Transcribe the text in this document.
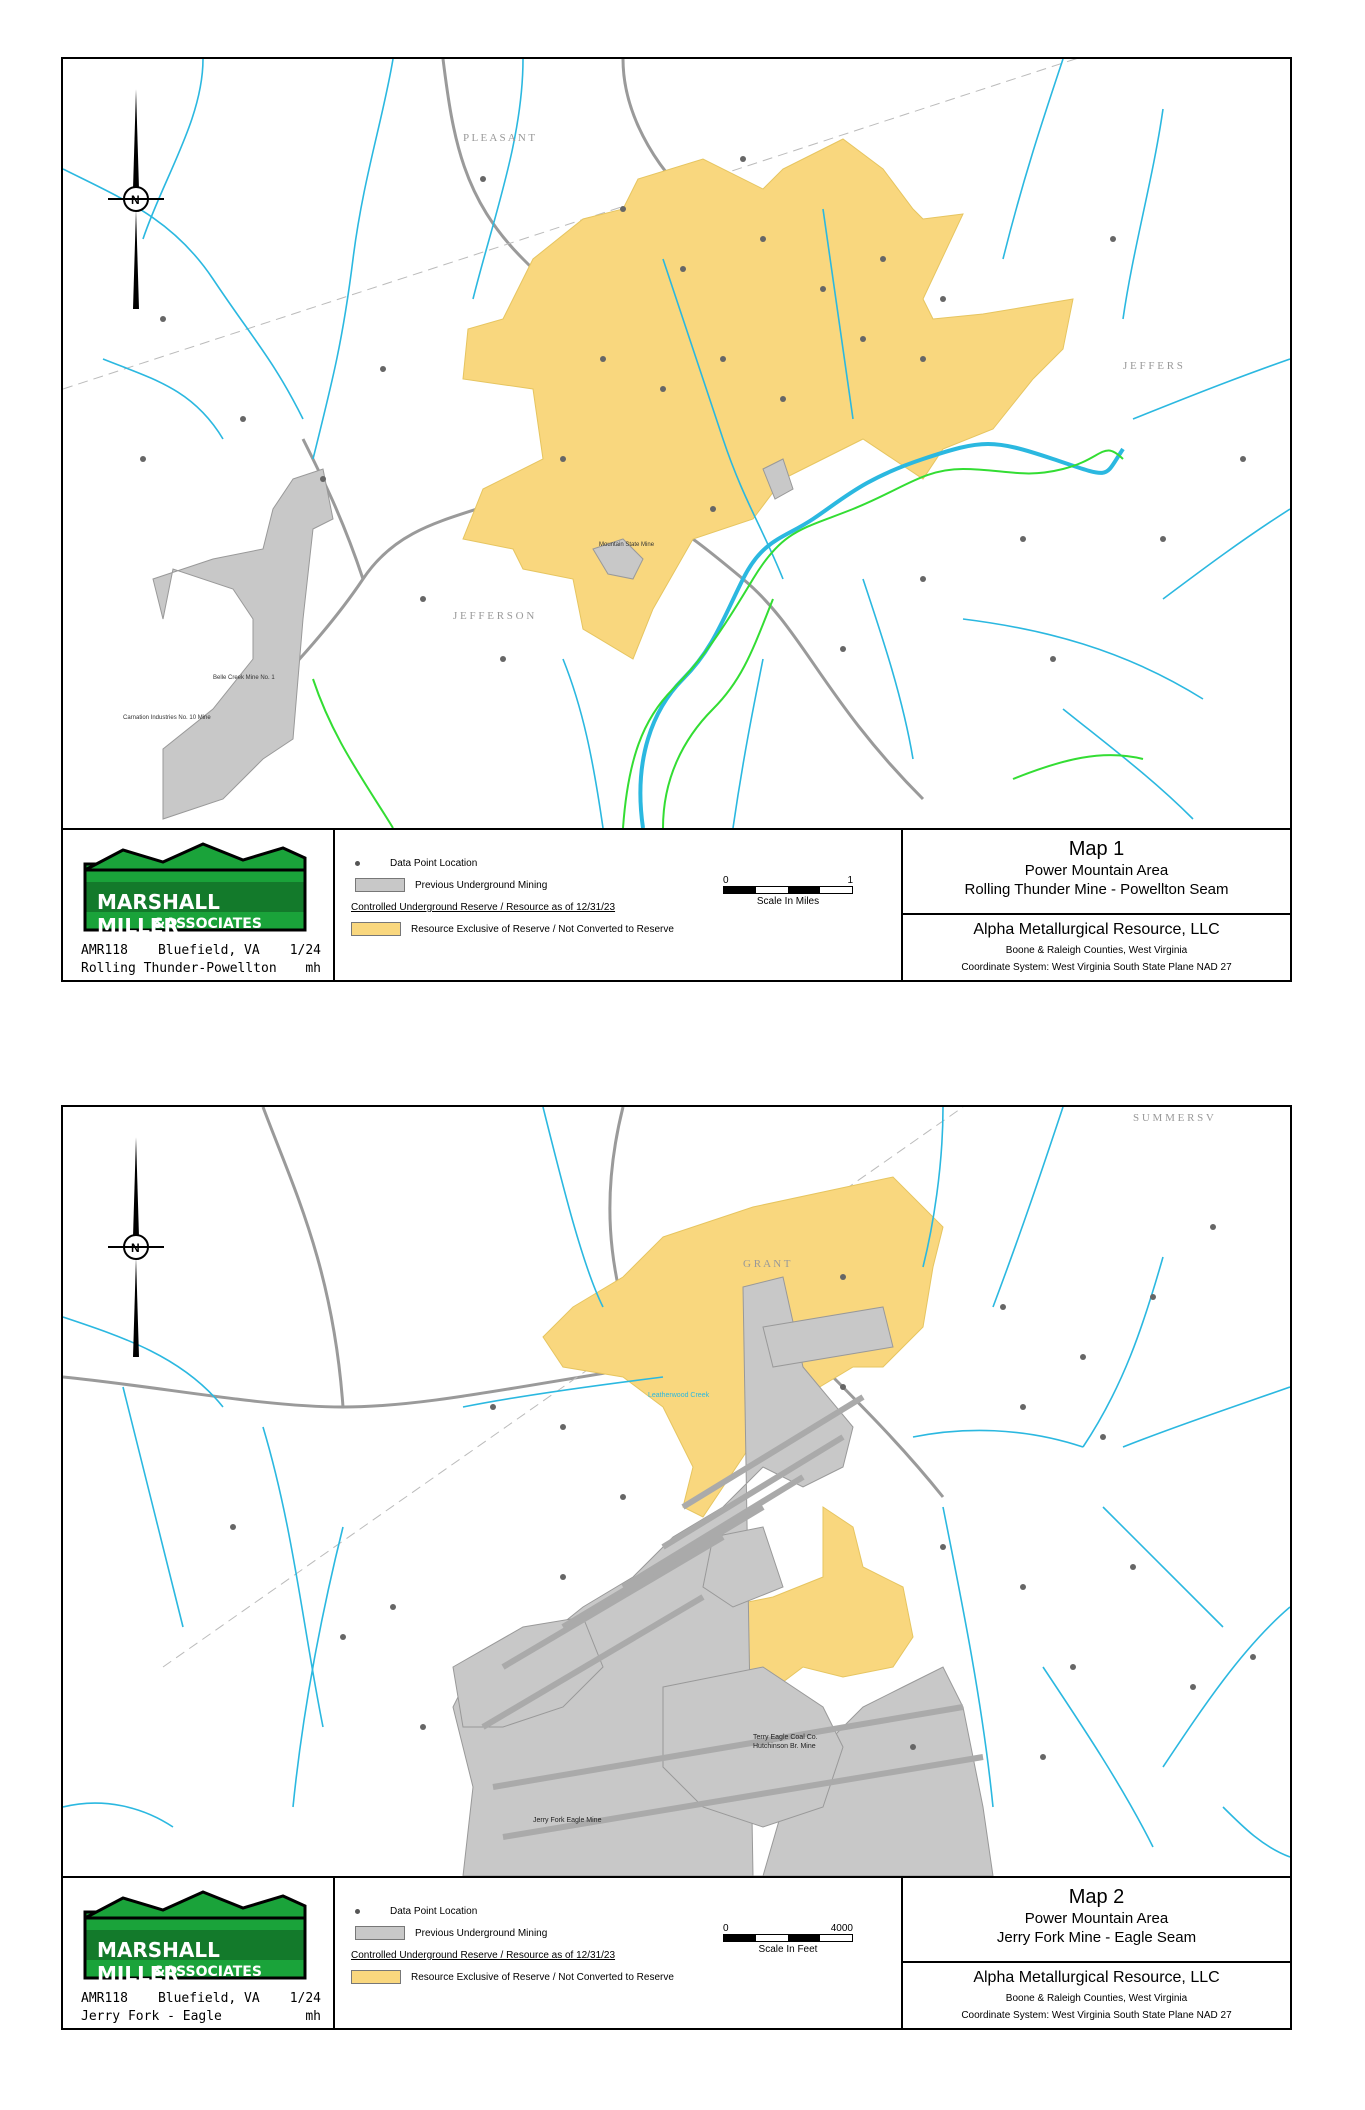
P L E A S A N T
J E F F E R S O N
J E F F E R S
Mountain State Mine
Belle Creek Mine No. 1
Carnation Industries No. 10 Mine
N
MARSHALL MILLER
&ASSOCIATES
AMR118 Bluefield, VA 1/24
Rolling Thunder-Powellton mh
Data Point Location
Previous Underground Mining
Controlled Underground Reserve / Resource as of 12/31/23
Resource Exclusive of Reserve / Not Converted to Reserve
0	1
Scale In Miles
Map 1
Power Mountain Area
Rolling Thunder Mine - Powellton Seam
Alpha Metallurgical Resource, LLC
Boone & Raleigh Counties, West Virginia
Coordinate System: West Virginia South State Plane NAD 27
S U M M E R S V
G R A N T
Leatherwood Creek
Jerry Fork Eagle Mine
Terry Eagle Coal Co.
Hutchinson Br. Mine
N
MARSHALL MILLER
&ASSOCIATES
AMR118 Bluefield, VA 1/24
Jerry Fork - Eagle	mh
Data Point Location
Previous Underground Mining
Controlled Underground Reserve / Resource as of 12/31/23
Resource Exclusive of Reserve / Not Converted to Reserve
0	4000
Scale In Feet
Map 2
Power Mountain Area
Jerry Fork Mine - Eagle Seam
Alpha Metallurgical Resource, LLC
Boone & Raleigh Counties, West Virginia
Coordinate System: West Virginia South State Plane NAD 27
